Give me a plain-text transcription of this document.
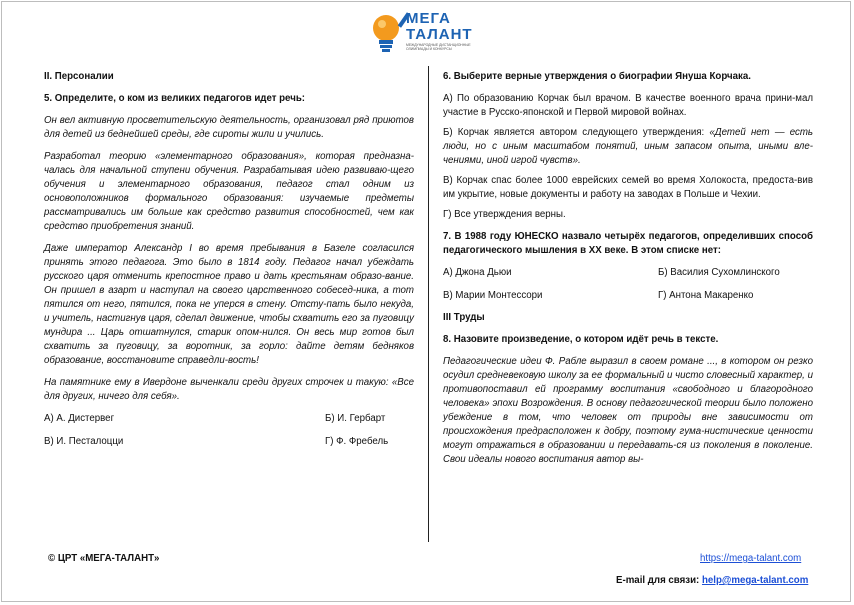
МЕГА
ТАЛАНТ
МЕЖДУНАРОДНЫЕ ДИСТАНЦИОННЫЕ ОЛИМПИАДЫ И КОНКУРСЫ
II. Персоналии
5. Определите, о ком из великих педагогов идет речь:
Он вел активную просветительскую деятельность, организовал ряд приютов для детей из беднейшей среды, где сироты жили и учились.
Разработал теорию «элементарного образования», которая предназна-чалась для начальной ступени обучения. Разрабатывая идею развиваю-щего обучения и элементарного образования, педагог стал одним из основоположников формального образования: изучаемые предметы рассматривались им больше как средство развития способностей, чем как средство приобретения знаний.
Даже император Александр I во время пребывания в Базеле согласился принять этого педагога. Это было в 1814 году. Педагог начал убеждать русского царя отменить крепостное право и дать крестьянам образо-вание. Он пришел в азарт и наступал на своего царственного собесед-ника, а тот пятился от него, пятился, пока не уперся в стену. Отсту-пать было некуда, и учитель, настигнув царя, сделал движение, чтобы схватить его за пуговицу мундира ... Царь отшатнулся, старик опом-нился. Он весь мир готов был схватить за пуговицу, за воротник, за горло: дайте детям бедняков образование, восстановите справедли-вость!
На памятнике ему в Ивердоне выченкали среди других строчек и такую: «Все для других, ничего для себя».
А) А. Дистервег	Б) И. Гербарт
В) И. Песталоцци	Г) Ф. Фребель
6. Выберите верные утверждения о биографии Януша Корчака.
А) По образованию Корчак был врачом. В качестве военного врача прини-мал участие в Русско-японской и Первой мировой войнах.
Б) Корчак является автором следующего утверждения: «Детей нет — есть люди, но с иным масштабом понятий, иным запасом опыта, иными вле-чениями, иной игрой чувств».
В) Корчак спас более 1000 еврейских семей во время Холокоста, предоста-вив им укрытие, новые документы и работу на заводах в Польше и Чехии.
Г) Все утверждения верны.
7. В 1988 году ЮНЕСКО назвало четырёх педагогов, определивших способ педагогического мышления в XX веке. В этом списке нет:
А) Джона Дьюи	Б) Василия Сухомлинского
В) Марии Монтессори	Г) Антона Макаренко
III Труды
8. Назовите произведение, о котором идёт речь в тексте.
Педагогические идеи Ф. Рабле выразил в своем романе ..., в котором он резко осудил средневековую школу за ее формальный и чисто словесный характер, и противопоставил ей программу воспитания «свободного и благородного человека» эпохи Возрождения. В основу педагогической теории было положено убеждение в том, что человек от природы вне зависимости от происхождения предрасположен к добру, поэтому гума-нистические ценности могут отражаться в образовании и передавать-ся из поколения в поколение. Свои идеалы нового воспитания автор вы-
© ЦРТ «МЕГА-ТАЛАНТ»	https://mega-talant.com
E-mail для связи: help@mega-talant.com
